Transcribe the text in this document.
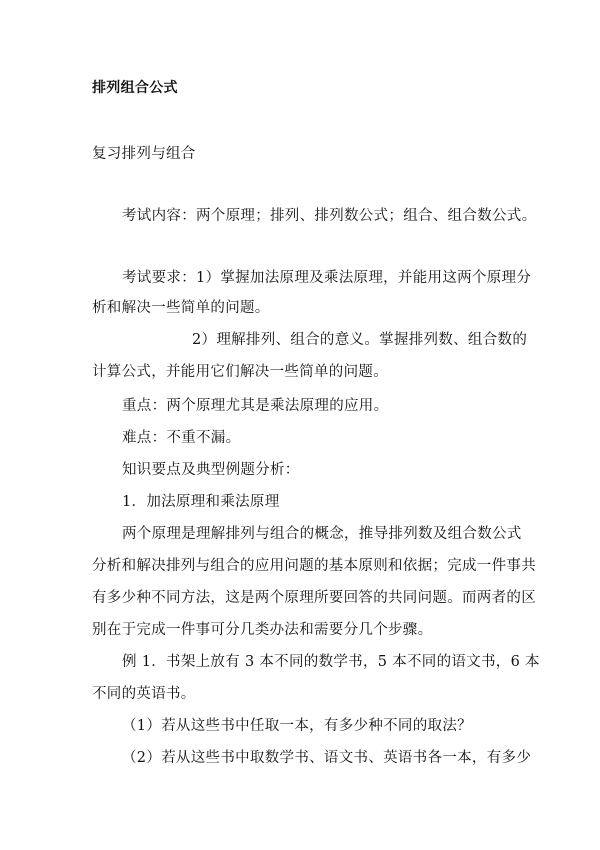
排列组合公式
复习排列与组合
考试内容：两个原理；排列、排列数公式；组合、组合数公式。
考试要求：1）掌握加法原理及乘法原理，并能用这两个原理分
析和解决一些简单的问题。
2）理解排列、组合的意义。掌握排列数、组合数的
计算公式，并能用它们解决一些简单的问题。
重点：两个原理尤其是乘法原理的应用。
难点：不重不漏。
知识要点及典型例题分析：
1．加法原理和乘法原理
两个原理是理解排列与组合的概念，推导排列数及组合数公式
分析和解决排列与组合的应用问题的基本原则和依据；完成一件事共
有多少种不同方法，这是两个原理所要回答的共同问题。而两者的区
别在于完成一件事可分几类办法和需要分几个步骤。
例 1．书架上放有 3 本不同的数学书，5 本不同的语文书，6 本
不同的英语书。
（1）若从这些书中任取一本，有多少种不同的取法？
（2）若从这些书中取数学书、语文书、英语书各一本，有多少
